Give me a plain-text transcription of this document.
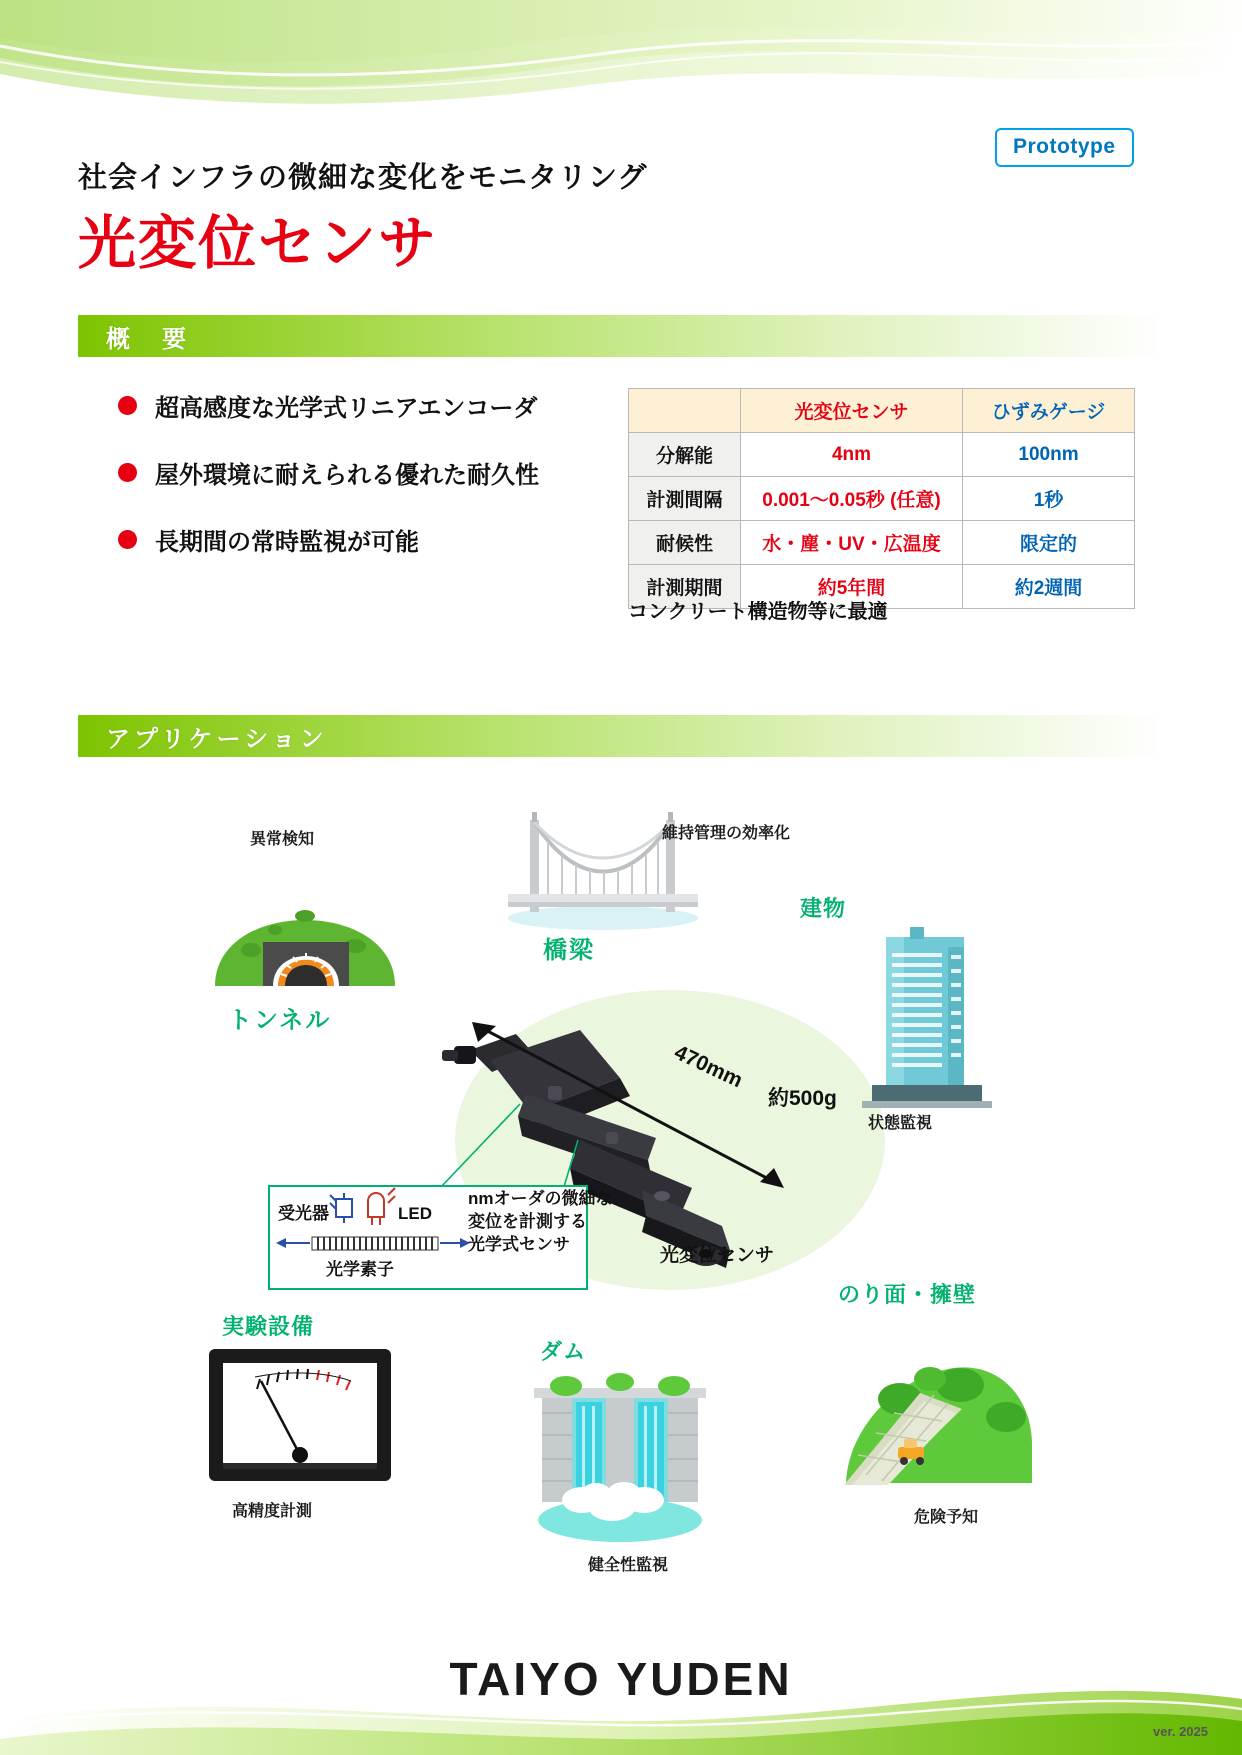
Prototype
社会インフラの微細な変化をモニタリング
光変位センサ
概　要
超高感度な光学式リニアエンコーダ
屋外環境に耐えられる優れた耐久性
長期間の常時監視が可能
	光変位センサ	ひずみゲージ
分解能	4nm	100nm
計測間隔	0.001〜0.05秒 (任意)	1秒
耐候性	水・塵・UV・広温度	限定的
計測期間	約5年間	約2週間
コンクリート構造物等に最適
アプリケーション
異常検知
トンネル
維持管理の効率化
橋梁
建物
状態監視
470mm
約500g
光変位センサ
受光器	LED
光学素子
nmオーダの微細な
変位を計測する
光学式センサ
実験設備
高精度計測
ダム
健全性監視
のり面・擁壁
危険予知
TAIYO YUDEN
ver. 2025
